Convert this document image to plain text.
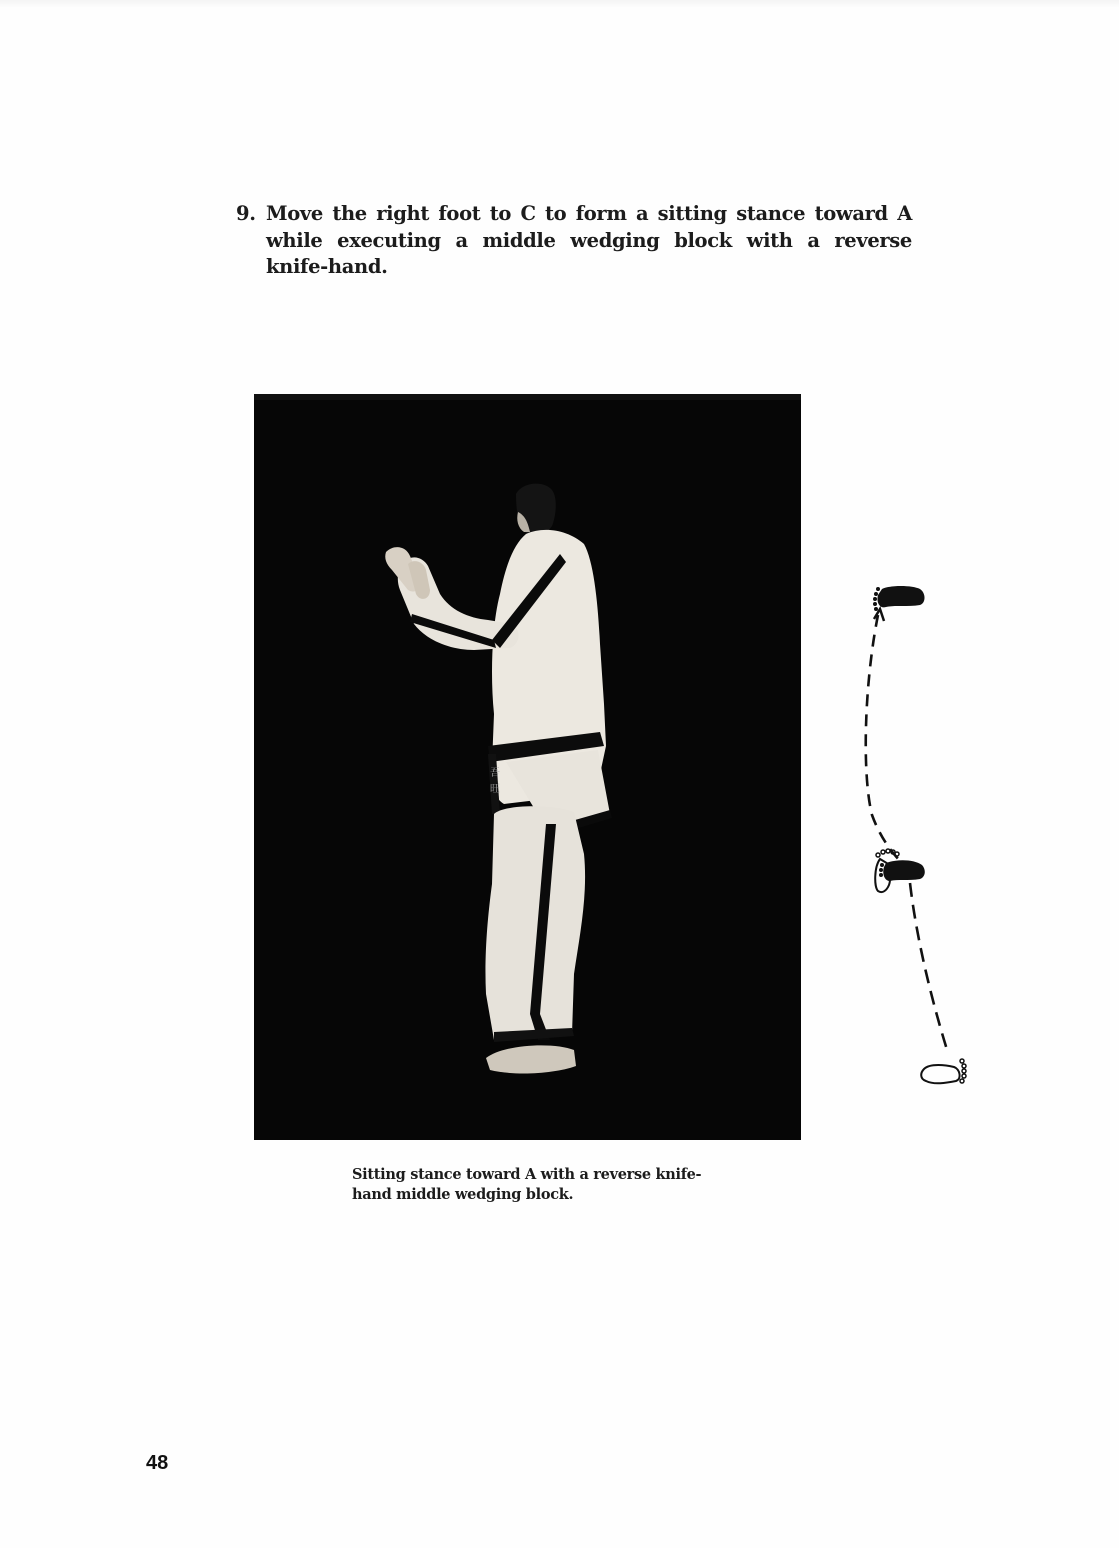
9. Move the right foot to C to form a sitting stance toward A while executing a middle wedging block with a reverse knife-hand.
吾
旺
Sitting stance toward A with a reverse knife-hand middle wedging block.
48
